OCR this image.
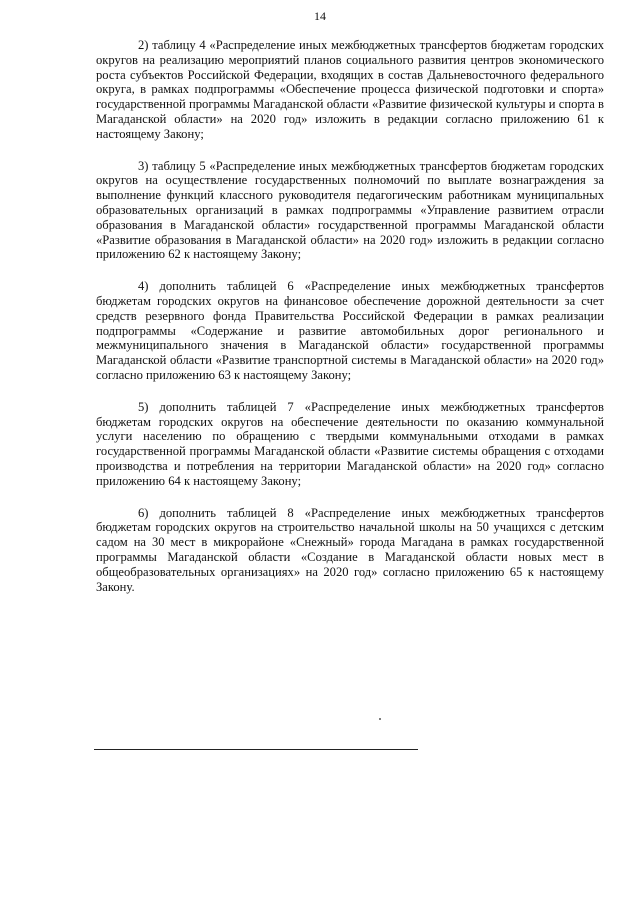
14

2) таблицу 4 «Распределение иных межбюджетных трансфертов бюджетам городских округов на реализацию мероприятий планов социального развития центров экономического роста субъектов Российской Федерации, входящих в состав Дальневосточного федерального округа, в рамках подпрограммы «Обеспечение процесса физической подготовки и спорта» государственной программы Магаданской области «Развитие физической культуры и спорта в Магаданской области» на 2020 год» изложить в редакции согласно приложению 61 к настоящему Закону;

3) таблицу 5 «Распределение иных межбюджетных трансфертов бюджетам городских округов на осуществление государственных полномочий по выплате вознаграждения за выполнение функций классного руководителя педагогическим работникам муниципальных образовательных организаций в рамках подпрограммы «Управление развитием отрасли образования в Магаданской области» государственной программы Магаданской области «Развитие образования в Магаданской области» на 2020 год» изложить в редакции согласно приложению 62 к настоящему Закону;

4) дополнить таблицей 6 «Распределение иных межбюджетных трансфертов бюджетам городских округов на финансовое обеспечение дорожной деятельности за счет средств резервного фонда Правительства Российской Федерации в рамках реализации подпрограммы «Содержание и развитие автомобильных дорог регионального и межмуниципального значения в Магаданской области» государственной программы Магаданской области «Развитие транспортной системы в Магаданской области» на 2020 год» согласно приложению 63 к настоящему Закону;

5) дополнить таблицей 7 «Распределение иных межбюджетных трансфертов бюджетам городских округов на обеспечение деятельности по оказанию коммунальной услуги населению по обращению с твердыми коммунальными отходами в рамках государственной программы Магаданской области «Развитие системы обращения с отходами производства и потребления на территории Магаданской области» на 2020 год» согласно приложению 64 к настоящему Закону;

6) дополнить таблицей 8 «Распределение иных межбюджетных трансфертов бюджетам городских округов на строительство начальной школы на 50 учащихся с детским садом на 30 мест в микрорайоне «Снежный» города Магадана в рамках государственной программы Магаданской области «Создание в Магаданской области новых мест в общеобразовательных организациях» на 2020 год» согласно приложению 65 к настоящему Закону.
